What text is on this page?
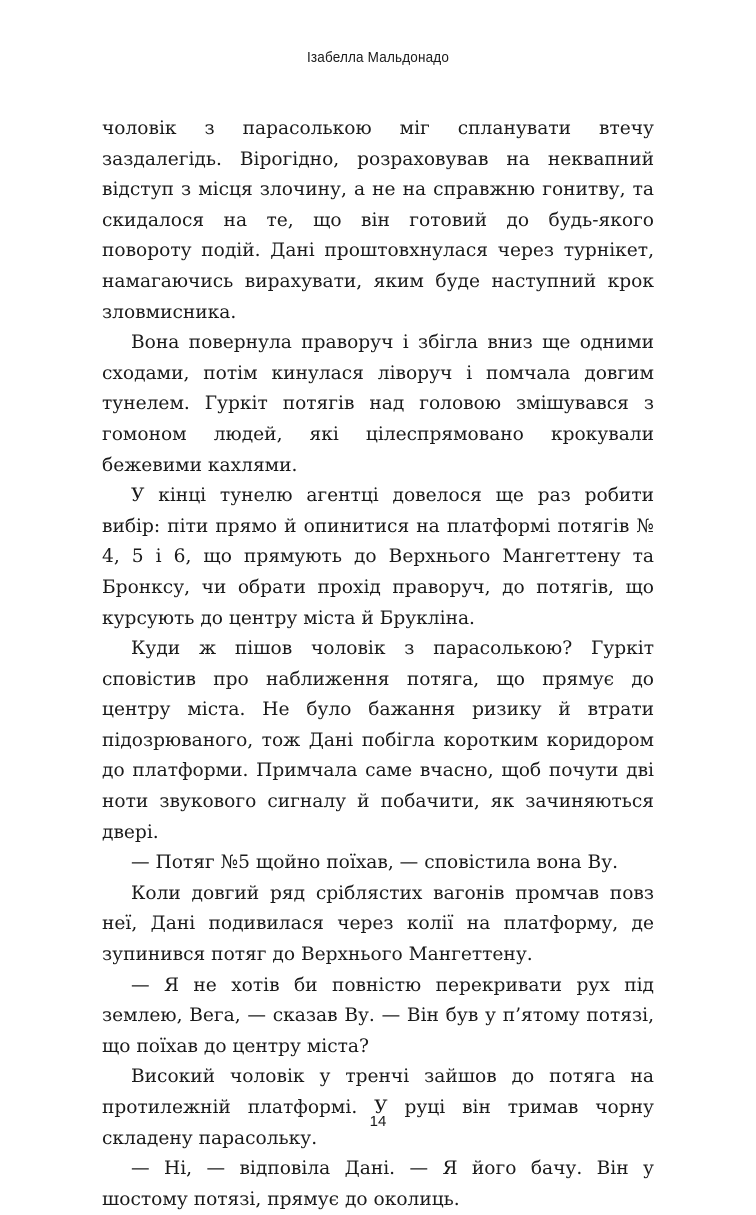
Ізабелла Мальдонадо

чоловік з парасолькою міг спланувати втечу заздалегідь. Вірогідно, розраховував на неквапний відступ з місця злочину, а не на справжню гонитву, та скидалося на те, що він готовий до будь-якого повороту подій. Дані проштовхнулася через турнікет, намагаючись вирахувати, яким буде наступний крок зловмисника.

Вона повернула праворуч і збігла вниз ще одними сходами, потім кинулася ліворуч і помчала довгим тунелем. Гуркіт потягів над головою змішувався з гомоном людей, які цілеспрямовано крокували бежевими кахлями.

У кінці тунелю агентці довелося ще раз робити вибір: піти прямо й опинитися на платформі потягів № 4, 5 і 6, що прямують до Верхнього Мангеттену та Бронксу, чи обрати прохід праворуч, до потягів, що курсують до центру міста й Брукліна.

Куди ж пішов чоловік з парасолькою? Гуркіт сповістив про наближення потяга, що прямує до центру міста. Не було бажання ризику й втрати підозрюваного, тож Дані побігла коротким коридором до платформи. Примчала саме вчасно, щоб почути дві ноти звукового сигналу й побачити, як зачиняються двері.

— Потяг №5 щойно поїхав, — сповістила вона Ву.

Коли довгий ряд сріблястих вагонів промчав повз неї, Дані подивилася через колії на платформу, де зупинився потяг до Верхнього Мангеттену.

— Я не хотів би повністю перекривати рух під землею, Вега, — сказав Ву. — Він був у п’ятому потязі, що поїхав до центру міста?

Високий чоловік у тренчі зайшов до потяга на протилежній платформі. У руці він тримав чорну складену парасольку.

— Ні, — відповіла Дані. — Я його бачу. Він у шостому потязі, прямує до околиць.

14
